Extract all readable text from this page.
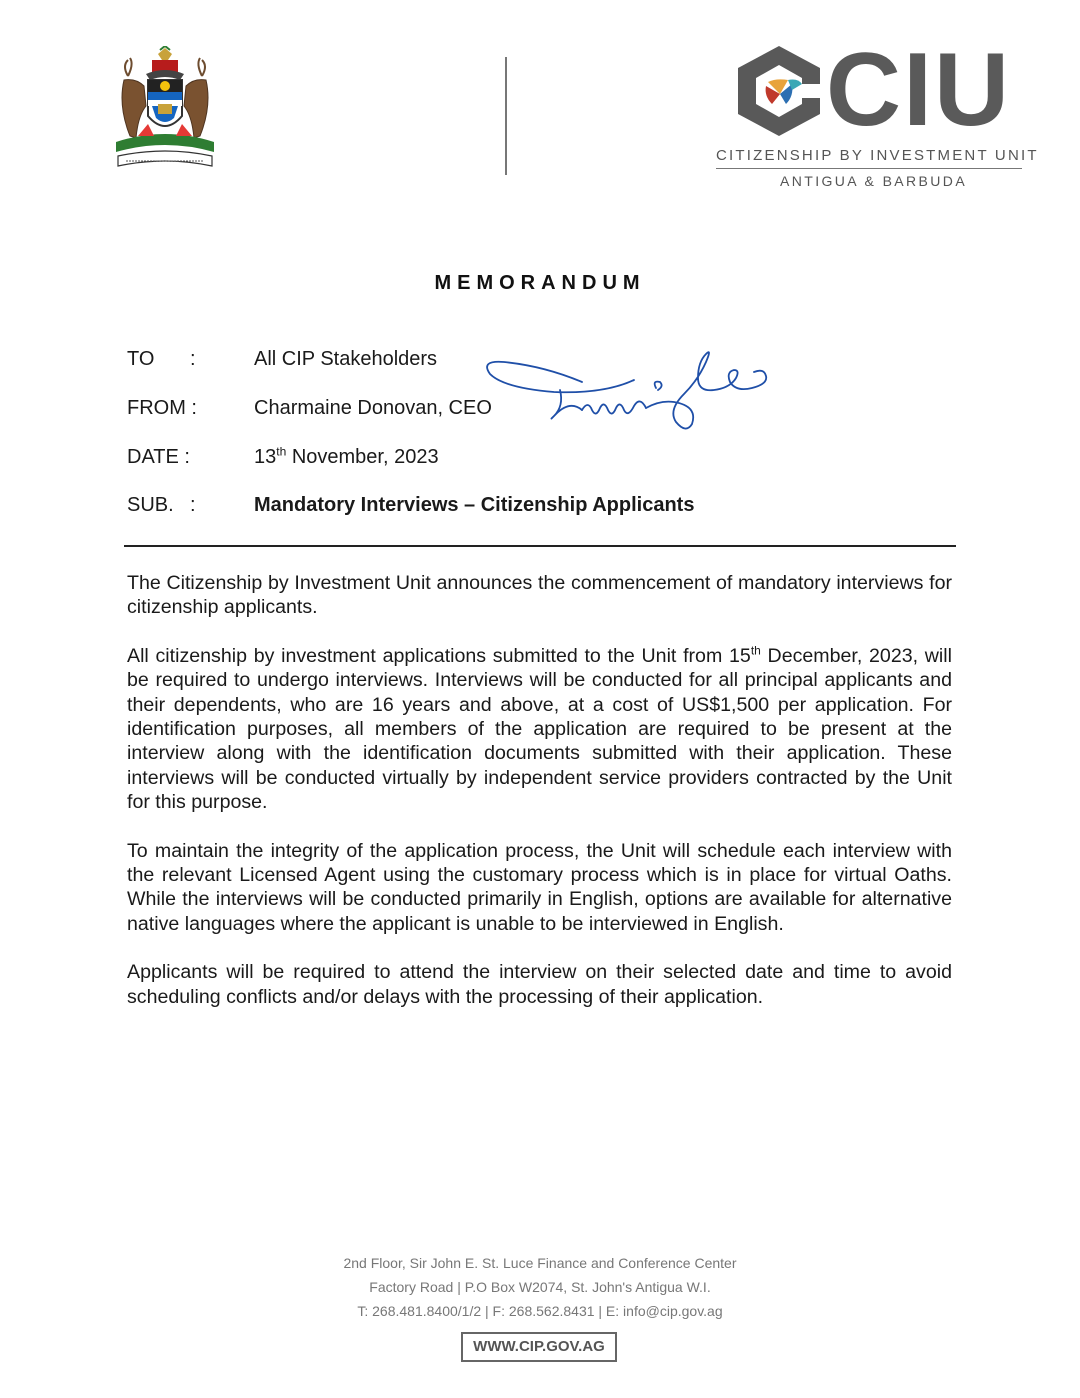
CIU
CITIZENSHIP BY INVESTMENT UNIT
ANTIGUA & BARBUDA
MEMORANDUM
TO :	All CIP Stakeholders
FROM :	Charmaine Donovan, CEO
DATE :	13th November, 2023
SUB. :	Mandatory Interviews – Citizenship Applicants

The Citizenship by Investment Unit announces the commencement of mandatory interviews for citizenship applicants.

All citizenship by investment applications submitted to the Unit from 15th December, 2023, will be required to undergo interviews. Interviews will be conducted for all principal applicants and their dependents, who are 16 years and above, at a cost of US$1,500 per application. For identification purposes, all members of the application are required to be present at the interview along with the identification documents submitted with their application. These interviews will be conducted virtually by independent service providers contracted by the Unit for this purpose.

To maintain the integrity of the application process, the Unit will schedule each interview with the relevant Licensed Agent using the customary process which is in place for virtual Oaths. While the interviews will be conducted primarily in English, options are available for alternative native languages where the applicant is unable to be interviewed in English.

Applicants will be required to attend the interview on their selected date and time to avoid scheduling conflicts and/or delays with the processing of their application.

2nd Floor, Sir John E. St. Luce Finance and Conference Center
Factory Road | P.O Box W2074, St. John's Antigua W.I.
T: 268.481.8400/1/2 | F: 268.562.8431 | E: info@cip.gov.ag
WWW.CIP.GOV.AG
